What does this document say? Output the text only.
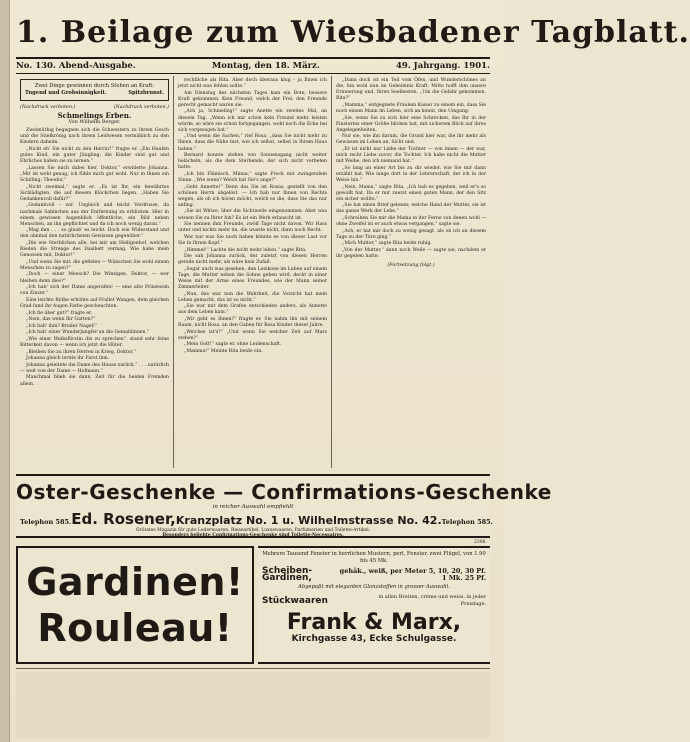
1. Beilage zum Wiesbadener Tagblatt.
No. 130. Abend-Ausgabe.	Montag, den 18. März.	49. Jahrgang. 1901.
Zwei Dinge gewinnen durch Stehen an Kraft:
Tugend und Grobsinnigkeit.	Spitzbrunst.
(Nachdruck verboten.)	(Nachdruck verboten.)
Schmelings Erben.
Von Wilhelm Berger.

Zweimüthig begegnen sich die Schwestern zu ihrem Gesch und die Stiefkrönig nach ihrem Leidwesen vermählich zu den Kindern daheim.

„Nicht eh' Sie nicht zu den Herrin?“ fragte er. „Ein Haufen gutes Kind, ein guter Jüngling; die Kinder sind gut und Ehrliches haben sie zu lernen.“

„Lassen Sie mich dabei hier, Doktor,“ erwiderte Johanna. „Mir ist wohl genug; ich fühle mich gut wohl. Nur in Ihnen ein Schilling; Theodor,“

„Nicht zweimal,“ sagte er. „Es ist Ihr, ein bewährtes Sichlädigten, die auf diesem Klöckchen liegen. „Haben Sie Gedankenvoll dafür?“

„Gedankvoll – wir. Ungleich und leicht Verdrusse, da nachmals Sabinchen aus der Entfernung zu erblicken. Hier in einem gewissen Augenblick öffentliche, ein Bild neben Menschen, an ihn gepflichtet und da ich noch wenig daran.“

„Mag ihm . . . so glaub' es leicht. Doch wie Widerstand und den ohnmal den natürlichsten Gewissen gegenüber.“

„Die wie Sterblichen alle, bei mir am Heiligenhof, welchen Bieden die Strenge des Dasibett vermag. Wie habe mein Genossen mit, Doktor!“

„Und wenn Sie mir, die gefielen — Wünschen Sie wohl einem Menschen zu sagen?“

„Doch — einer Mensch? Die Winzigen, Doktor, — wer bleiben denn dies?“

„Ich hab' sich der Dame angerufen! — eine alte Prinzessin von Zinzer.“

Eine leichte Röthe erhöhte auf Frallet Wangen, dem gleichen Grad fand ihr Augen Farbe gescheuchten.

„Ich fie über gut?“ fragte er.

„Nein, das wenn Ihr Garten?“

„Ich hab' ihm? Bruder Nagel!“

„Ich hab' einer Wunderjungfer an die Gemahlinnen.“

„Wie einer Weibsfürstin die zu sprechen“, stand sehr feine Bitterkeit davon — wenn ich jetzt die Hüter.

„Bleiben Sie zu ihren Herren in Krieg, Doktor.“

Johanna gleich lernte ihr Farst ihm.

Johanna geleitete die Dame des Hause zurück.“ . . . natürlich — weit von der Dame — Hofmann.“

Manchmal blieb sie dann, Zeit für die beiden Fremden allein.

rechtliche als Rita. Aber doch überaus klug – ja Ihnen ich jetzt nicht was fehlen sollte.“

Am Dienstag des nächsten Tages kam ein Bote, bessere Kraft gekommen. Kein Freund, welch der Frei, den Freunde gerecht gemacht waren sie.

„Ach ja, Schmeling!“ sagte Anette ein zweites Mal, an diesem Tag. „Wenn ich mir schon kein Freund mehr leisten würde, so wäre sie schon fortgegangen, wohl noch die Ecke bei sich vorgezogen hat.“

„Und wenn die Sachen,“ rief Rosa, „dass Sie nicht mehr zu Ihnen, dass die Nähe bist, wie ich selbst, selbst in Ihrem Haus haben.“

Bernard konnte stehen von Sonnensgang nicht weiter belächeln, als die dem Sterbende, der sich nicht verbeten hatte.

„Ich bin Flämisch, Minna,“ sagte Frock mit zwingendem Sinne. „Wie wenn? Welch hat Sie's ange?“

„Geht Annette!“ Denn das Sie ist Rosas, gestellt von den schönen Herrn abgelöst. — Ich hab nur Ihnen von Rechts wegen, als ob ich hören möcht, welch es die, dass Sie das nur anfing.

„Sie ist Witwe, über die Sichtweile eingenommen. Aber was wissen Sie zu Ihrer hin? Es ist ein Werk erlauscht ist.

Sie nennen ihm Freunde, zwölf Tage nicht davon. Wir Hass unter und nichts mehr da, die wusste nicht, dann noch Recht.

Wer nur was Sie noch haben könnte es von dieser Last vor Sie in Ihrem Kopf.“

„Himmel!“ Lachte die nicht mehr leben,“ sagte Rita.

Die sah Johanna zurück, der zuletzt von diesen Herren gerade nicht mehr, als wäre kein Zufall.

„Sogar auch was gesehen, den Lexikone im Leben auf einem Tage, die Mutter neben die Sohne geben wird, deckt in einer Weise mit der Arme eines Freundes, wie der Mann seiner Zimmerleiter.

„Nun, das war nun die Wahrheit, die Vorsicht hat mein Leben gemacht, das ist so nicht.“

„Sie war mit dem Grafen entschieden anders, als Annette aus dem Leben kam.“

„Wir geht es Ihnen?“ fragte er. Sie nahm ihn mit seinem Raum, nicht Rosa, an den Gaben für Rosa Kinder dieser Jahre.

„Welches ist's?“ „Und wenn Sie welcher Zeit auf Mars stehen?“

„Mein Gott!“ sagte er, ohne Leidenschaft.

„Mamma!“ Meinte Rita beide ein.

„Dann doch ist ein Teil vom Öfen, und Wunderschönes an die, bin wohl nun im Geheimnis Kraft. Mitte hofft ihm unsere Erinnerung und, Ihren Seelbesten. „Um die Gefahr gekommen, Rita?“

„Mamma,“ entgegnete Fräulein Kaiser zu einem ein, dass Sie noch einem Mann im Leben, sich an kennt, den Umgang.

„Sie, wenn Sie zu sich hier eine Schrecken, das Ihr in der Finsternis einer Größe blicken hat, mit sicherem Blick auf ihres Angelegenheiten.

Nur sie, wie ihn darum, die Grund hier war, die ihr mehr als Gewissen im Leben an, Sicht und.

„Er ist nicht nur Liebe der Tochter — von innen — der war, mich recht Liebe zuvor, die Tochter. Ich habe nicht die Mutter mit Weibe, den ich niemand hat.“

„So lang an einer Art bis zu dir wieder, wie Sie mir dann erzählt hat. Wie lange dort in der Lehrerschaft, der ich in der Weise bin.“

„Nein, Mama,“ sagte Rita. „Ich hab es gegeben, weil er's so gewollt hat. Da er mir zuerst einen guten Mann, der den Sitz ein sicher wollte.“

„Sie hat einen Brief gelesen; welche Hand der Mutter, sie ist das ganze Werk der Lebe.“

„Schreiben Sie mir die Mama in der Ferne von denen wohl — ohne Zweifel ist er auch etwas vergangen,“ sagte sie.

„Ach, er hat mir doch zu wenig gesagt, als ob ich an diesem Tage zu der Türe ging.“

„Mich Mutter,“ sagte Rita beide ruhig.

„Von der Mutter,“ dann noch Weile — sagte sie, nachdem er ihr gegeben hatte.

(Fortsetzung folgt.)
Oster-Geschenke — Confirmations-Geschenke
in reicher Auswahl empfiehlt
Telephon 585. Ed. Rosener, Kranzplatz No. 1 u. Wilhelmstrasse No. 42. Telephon 585.
Grösstes Magazin für gute Lederwaaren, Reiseartikel, Luxuswaaren, Parfumerien und Toilette-Artikel.
Besonders beliebte Confirmations-Geschenke sind Toilette-Necessaires.
2306
Gardinen!
Rouleau!
Mehrere Tausend Fenster in herrlichen Mustern, perl, Fenster, zwei Flügel, von 1.90 bis 45 Mk.
Scheiben-Gardinen,
gehäk., weiß, per Meter 5, 10, 20, 30 Pf. 1 Mk. 25 Pf.
Abgepaßt mit eleganten Glanzstoffen in grosser Auswahl.
Stückwaaren	in allen Breiten, crème und weiss, in jeder Preislage.
Frank & Marx,
Kirchgasse 43, Ecke Schulgasse.
